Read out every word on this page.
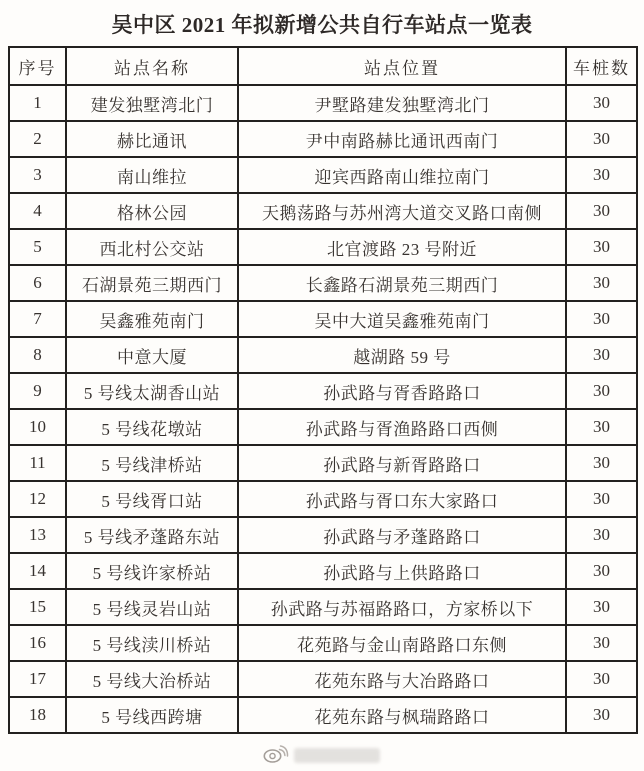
吴中区 2021 年拟新增公共自行车站点一览表
序号	站点名称	站点位置	车桩数
1	建发独墅湾北门	尹墅路建发独墅湾北门	30
2	赫比通讯	尹中南路赫比通讯西南门	30
3	南山维拉	迎宾西路南山维拉南门	30
4	格林公园	天鹅荡路与苏州湾大道交叉路口南侧	30
5	西北村公交站	北官渡路 23 号附近	30
6	石湖景苑三期西门	长鑫路石湖景苑三期西门	30
7	吴鑫雅苑南门	吴中大道吴鑫雅苑南门	30
8	中意大厦	越湖路 59 号	30
9	5 号线太湖香山站	孙武路与胥香路路口	30
10	5 号线花墩站	孙武路与胥渔路路口西侧	30
11	5 号线津桥站	孙武路与新胥路路口	30
12	5 号线胥口站	孙武路与胥口东大家路口	30
13	5 号线矛蓬路东站	孙武路与矛蓬路路口	30
14	5 号线许家桥站	孙武路与上供路路口	30
15	5 号线灵岩山站	孙武路与苏福路路口，方家桥以下	30
16	5 号线渎川桥站	花苑路与金山南路路口东侧	30
17	5 号线大治桥站	花苑东路与大冶路路口	30
18	5 号线西跨塘	花苑东路与枫瑞路路口	30
